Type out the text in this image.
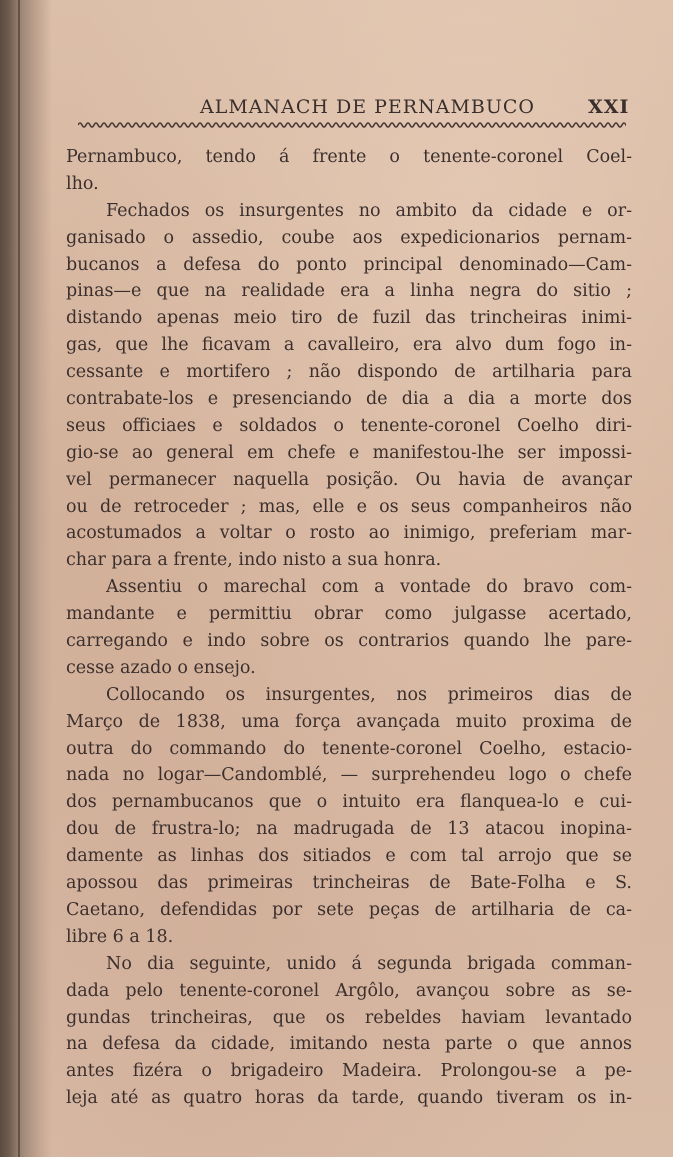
ALMANACH DE PERNAMBUCO	XXI
Pernambuco, tendo á frente o tenente-coronel Coel-
lho.
Fechados os insurgentes no ambito da cidade e or-
ganisado o assedio, coube aos expedicionarios pernam-
bucanos a defesa do ponto principal denominado—Cam-
pinas—e que na realidade era a linha negra do sitio ;
distando apenas meio tiro de fuzil das trincheiras inimi-
gas, que lhe ficavam a cavalleiro, era alvo dum fogo in-
cessante e mortifero ; não dispondo de artilharia para
contrabate-los e presenciando de dia a dia a morte dos
seus officiaes e soldados o tenente-coronel Coelho diri-
gio-se ao general em chefe e manifestou-lhe ser impossi-
vel permanecer naquella posição. Ou havia de avançar
ou de retroceder ; mas, elle e os seus companheiros não
acostumados a voltar o rosto ao inimigo, preferiam mar-
char para a frente, indo nisto a sua honra.
Assentiu o marechal com a vontade do bravo com-
mandante e permittiu obrar como julgasse acertado,
carregando e indo sobre os contrarios quando lhe pare-
cesse azado o ensejo.
Collocando os insurgentes, nos primeiros dias de
Março de 1838, uma força avançada muito proxima de
outra do commando do tenente-coronel Coelho, estacio-
nada no logar—Candomblé, — surprehendeu logo o chefe
dos pernambucanos que o intuito era flanquea-lo e cui-
dou de frustra-lo; na madrugada de 13 atacou inopina-
damente as linhas dos sitiados e com tal arrojo que se
apossou das primeiras trincheiras de Bate-Folha e S.
Caetano, defendidas por sete peças de artilharia de ca-
libre 6 a 18.
No dia seguinte, unido á segunda brigada comman-
dada pelo tenente-coronel Argôlo, avançou sobre as se-
gundas trincheiras, que os rebeldes haviam levantado
na defesa da cidade, imitando nesta parte o que annos
antes fizéra o brigadeiro Madeira. Prolongou-se a pe-
leja até as quatro horas da tarde, quando tiveram os in-
